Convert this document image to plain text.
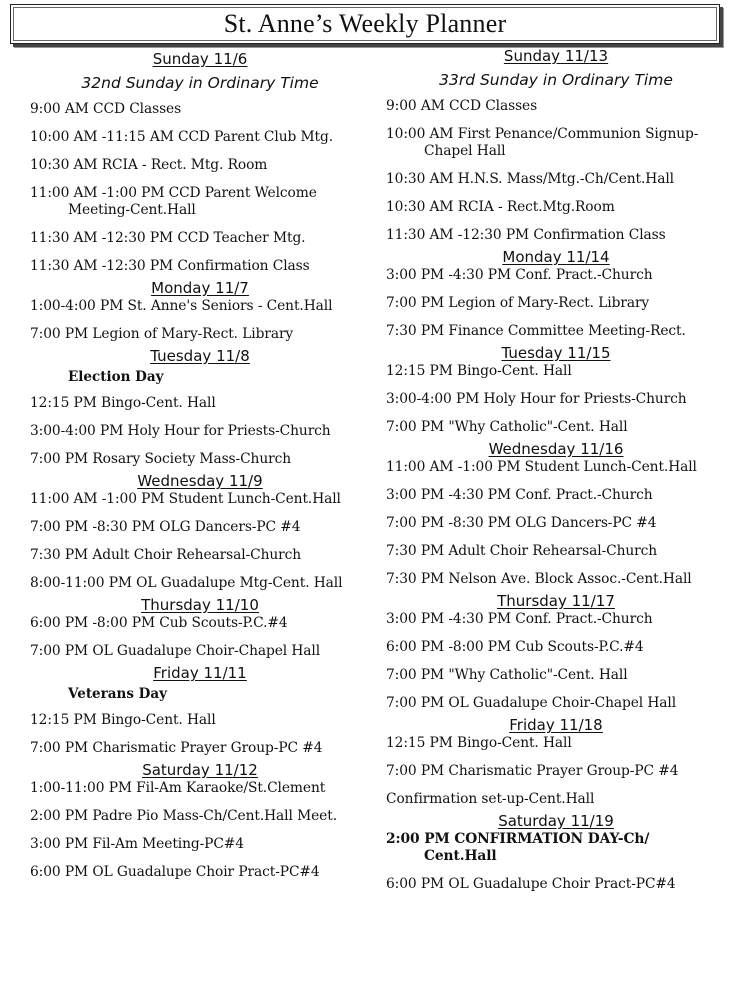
St. Anne’s Weekly Planner
Sunday 11/6
32nd Sunday in Ordinary Time
9:00 AM CCD Classes
10:00 AM -11:15 AM CCD Parent Club Mtg.
10:30 AM RCIA - Rect. Mtg. Room
11:00 AM -1:00 PM CCD Parent Welcome Meeting-Cent.Hall
11:30 AM -12:30 PM CCD Teacher Mtg.
11:30 AM -12:30 PM Confirmation Class
Monday 11/7
1:00-4:00 PM St. Anne's Seniors - Cent.Hall
7:00 PM Legion of Mary-Rect. Library
Tuesday 11/8
Election Day
12:15 PM Bingo-Cent. Hall
3:00-4:00 PM Holy Hour for Priests-Church
7:00 PM Rosary Society Mass-Church
Wednesday 11/9
11:00 AM -1:00 PM Student Lunch-Cent.Hall
7:00 PM -8:30 PM OLG Dancers-PC #4
7:30 PM Adult Choir Rehearsal-Church
8:00-11:00 PM OL Guadalupe Mtg-Cent. Hall
Thursday 11/10
6:00 PM -8:00 PM Cub Scouts-P.C.#4
7:00 PM OL Guadalupe Choir-Chapel Hall
Friday 11/11
Veterans Day
12:15 PM Bingo-Cent. Hall
7:00 PM Charismatic Prayer Group-PC #4
Saturday 11/12
1:00-11:00 PM Fil-Am Karaoke/St.Clement
2:00 PM Padre Pio Mass-Ch/Cent.Hall Meet.
3:00 PM Fil-Am Meeting-PC#4
6:00 PM OL Guadalupe Choir Pract-PC#4
Sunday 11/13
33rd Sunday in Ordinary Time
9:00 AM CCD Classes
10:00 AM First Penance/Communion Signup-Chapel Hall
10:30 AM H.N.S. Mass/Mtg.-Ch/Cent.Hall
10:30 AM RCIA - Rect.Mtg.Room
11:30 AM -12:30 PM Confirmation Class
Monday 11/14
3:00 PM -4:30 PM Conf. Pract.-Church
7:00 PM Legion of Mary-Rect. Library
7:30 PM Finance Committee Meeting-Rect.
Tuesday 11/15
12:15 PM Bingo-Cent. Hall
3:00-4:00 PM Holy Hour for Priests-Church
7:00 PM "Why Catholic"-Cent. Hall
Wednesday 11/16
11:00 AM -1:00 PM Student Lunch-Cent.Hall
3:00 PM -4:30 PM Conf. Pract.-Church
7:00 PM -8:30 PM OLG Dancers-PC #4
7:30 PM Adult Choir Rehearsal-Church
7:30 PM Nelson Ave. Block Assoc.-Cent.Hall
Thursday 11/17
3:00 PM -4:30 PM Conf. Pract.-Church
6:00 PM -8:00 PM Cub Scouts-P.C.#4
7:00 PM "Why Catholic"-Cent. Hall
7:00 PM OL Guadalupe Choir-Chapel Hall
Friday 11/18
12:15 PM Bingo-Cent. Hall
7:00 PM Charismatic Prayer Group-PC #4
Confirmation set-up-Cent.Hall
Saturday 11/19
2:00 PM CONFIRMATION DAY-Ch/ Cent.Hall
6:00 PM OL Guadalupe Choir Pract-PC#4
